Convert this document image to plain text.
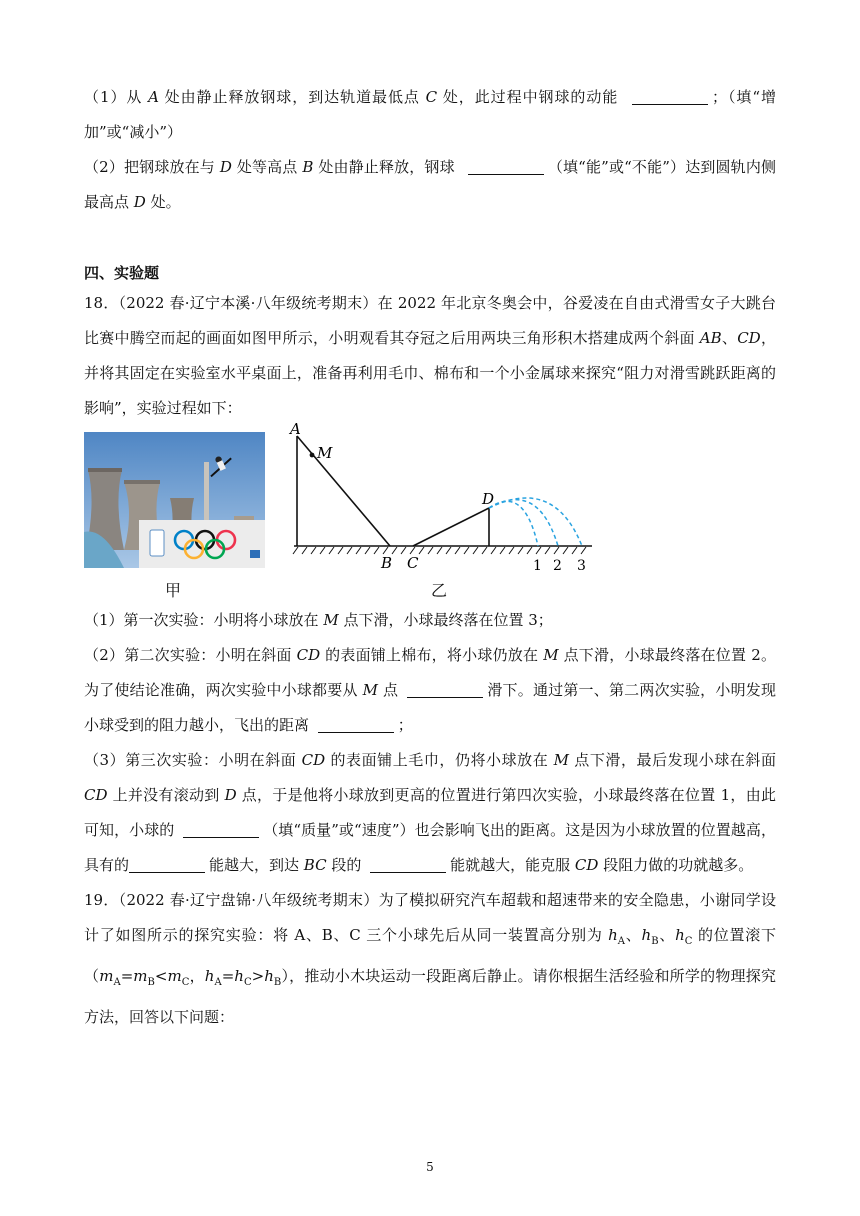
（1）从 A 处由静止释放钢球，到达轨道最低点 C 处，此过程中钢球的动能	；（填“增加”或“减小”）
（2）把钢球放在与 D 处等高点 B 处由静止释放，钢球	（填“能”或“不能”）达到圆轨内侧最高点 D 处。
四、实验题
18．（2022 春·辽宁本溪·八年级统考期末）在 2022 年北京冬奥会中，谷爱凌在自由式滑雪女子大跳台比赛中腾空而起的画面如图甲所示，小明观看其夺冠之后用两块三角形积木搭建成两个斜面 AB、CD，并将其固定在实验室水平桌面上，准备再利用毛巾、棉布和一个小金属球来探究“阻力对滑雪跳跃距离的影响”，实验过程如下：
甲
A
M
B C
D
1 2 3
乙
（1）第一次实验：小明将小球放在 M 点下滑，小球最终落在位置 3；
（2）第二次实验：小明在斜面 CD 的表面铺上棉布，将小球仍放在 M 点下滑，小球最终落在位置 2。为了使结论准确，两次实验中小球都要从 M 点	滑下。通过第一、第二两次实验，小明发现小球受到的阻力越小，飞出的距离	；
（3）第三次实验：小明在斜面 CD 的表面铺上毛巾，仍将小球放在 M 点下滑，最后发现小球在斜面 CD 上并没有滚动到 D 点，于是他将小球放到更高的位置进行第四次实验，小球最终落在位置 1，由此可知，小球的	（填“质量”或“速度”）也会影响飞出的距离。这是因为小球放置的位置越高，具有的	能越大，到达 BC 段的	能就越大，能克服 CD 段阻力做的功就越多。
19．（2022 春·辽宁盘锦·八年级统考期末）为了模拟研究汽车超载和超速带来的安全隐患，小谢同学设计了如图所示的探究实验：将 A、B、C 三个小球先后从同一装置高分别为 $h_A$、$h_B$、$h_C$ 的位置滚下（$m_A=m_B<m_C$，$h_A=h_C>h_B$），推动小木块运动一段距离后静止。请你根据生活经验和所学的物理探究方法，回答以下问题：
5
